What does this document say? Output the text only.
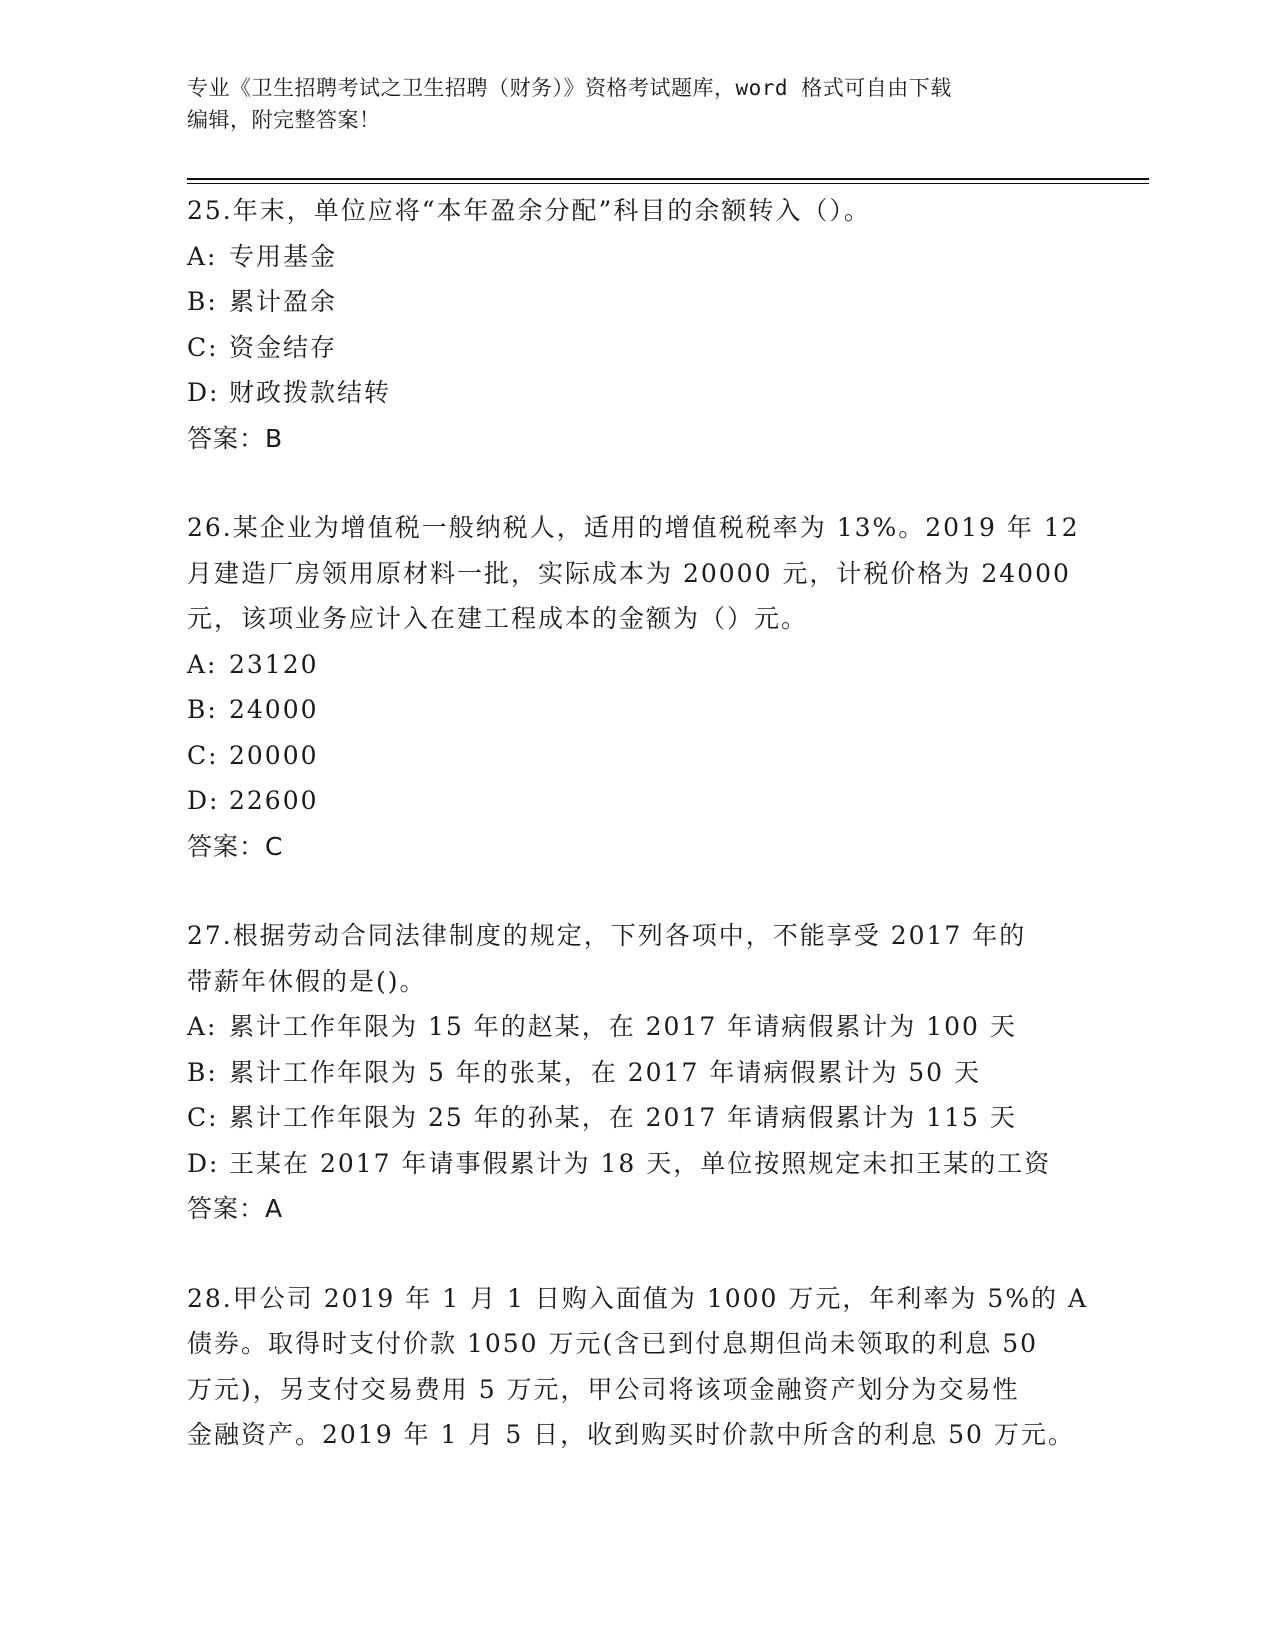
专业《卫生招聘考试之卫生招聘（财务）》资格考试题库，word 格式可自由下载
编辑，附完整答案！
25.年末，单位应将“本年盈余分配”科目的余额转入（）。
A: 专用基金
B: 累计盈余
C: 资金结存
D: 财政拨款结转
答案：B
26.某企业为增值税一般纳税人，适用的增值税税率为 13%。2019 年 12
月建造厂房领用原材料一批，实际成本为 20000 元，计税价格为 24000
元，该项业务应计入在建工程成本的金额为（）元。
A: 23120
B: 24000
C: 20000
D: 22600
答案：C
27.根据劳动合同法律制度的规定，下列各项中，不能享受 2017 年的
带薪年休假的是()。
A: 累计工作年限为 15 年的赵某，在 2017 年请病假累计为 100 天
B: 累计工作年限为 5 年的张某，在 2017 年请病假累计为 50 天
C: 累计工作年限为 25 年的孙某，在 2017 年请病假累计为 115 天
D: 王某在 2017 年请事假累计为 18 天，单位按照规定未扣王某的工资
答案：A
28.甲公司 2019 年 1 月 1 日购入面值为 1000 万元，年利率为 5%的 A
债券。取得时支付价款 1050 万元(含已到付息期但尚未领取的利息 50
万元)，另支付交易费用 5 万元，甲公司将该项金融资产划分为交易性
金融资产。2019 年 1 月 5 日，收到购买时价款中所含的利息 50 万元。
